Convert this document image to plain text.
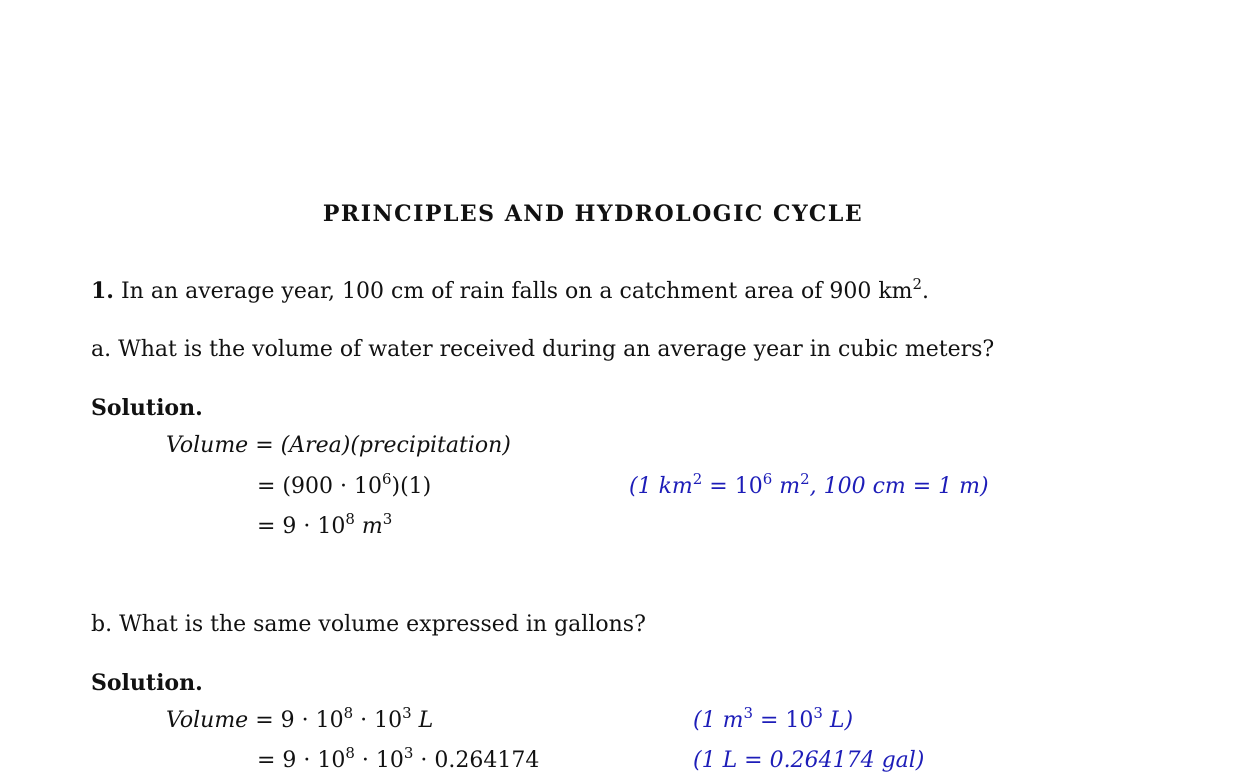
PRINCIPLES AND HYDROLOGIC CYCLE
1. In an average year, 100 cm of rain falls on a catchment area of 900 $km^2$.
a. What is the volume of water received during an average year in cubic meters?
Solution.
Volume = (Area)(precipitation)
= $(900 \cdot 10^6)(1)$	(1 $km^2 = 10^6$ $m^2$, 100 cm = 1 m)
= $9 \cdot 10^8$ $m^3$
b. What is the same volume expressed in gallons?
Solution.
Volume = $9 \cdot 10^8 \cdot 10^3$ L	(1 $m^3 = 10^3$ L)
= $9 \cdot 10^8 \cdot 10^3 \cdot 0.264174$	(1 L = 0.264174 gal)
